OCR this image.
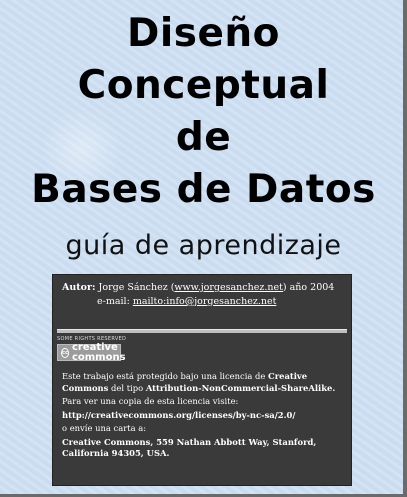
Diseño
Conceptual
de
Bases de Datos
guía de aprendizaje
Autor: Jorge Sánchez (www.jorgesanchez.net) año 2004
e-mail: mailto:info@jorgesanchez.net
SOME RIGHTS RESERVED
cc creative commons

Este trabajo está protegido bajo una licencia de Creative Commons del tipo Attribution-NonCommercial-ShareAlike.

Para ver una copia de esta licencia visite:

http://creativecommons.org/licenses/by-nc-sa/2.0/

o envíe una carta a:

Creative Commons, 559 Nathan Abbott Way, Stanford, California 94305, USA.
